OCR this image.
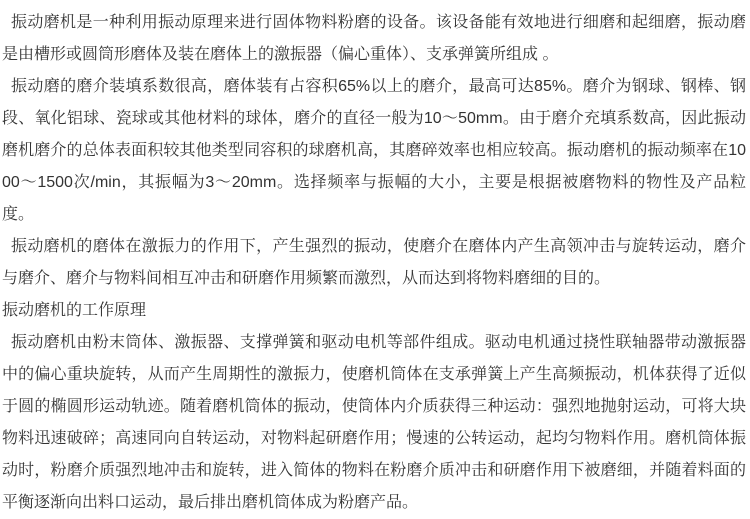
振动磨机是一种利用振动原理来进行固体物料粉磨的设备。该设备能有效地进行细磨和起细磨，振动磨是由槽形或圆筒形磨体及装在磨体上的激振器（偏心重体）、支承弹簧所组成 。

振动磨的磨介装填系数很高，磨体装有占容积65%以上的磨介，最高可达85%。磨介为钢球、钢棒、钢段、氧化铝球、瓷球或其他材料的球体，磨介的直径一般为10～50mm。由于磨介充填系数高，因此振动磨机磨介的总体表面积较其他类型同容积的球磨机高，其磨碎效率也相应较高。振动磨机的振动频率在1000～1500次/min，其振幅为3～20mm。选择频率与振幅的大小，主要是根据被磨物料的物性及产品粒度。

振动磨机的磨体在激振力的作用下，产生强烈的振动，使磨介在磨体内产生高领冲击与旋转运动，磨介与磨介、磨介与物料间相互冲击和研磨作用频繁而激烈，从而达到将物料磨细的目的。

振动磨机的工作原理

振动磨机由粉末筒体、激振器、支撑弹簧和驱动电机等部件组成。驱动电机通过挠性联轴器带动激振器中的偏心重块旋转，从而产生周期性的激振力，使磨机筒体在支承弹簧上产生高频振动，机体获得了近似于圆的椭圆形运动轨迹。随着磨机筒体的振动，使筒体内介质获得三种运动：强烈地抛射运动，可将大块物料迅速破碎；高速同向自转运动，对物料起研磨作用；慢速的公转运动，起均匀物料作用。磨机筒体振动时，粉磨介质强烈地冲击和旋转，进入简体的物料在粉磨介质冲击和研磨作用下被磨细，并随着料面的平衡逐渐向出料口运动，最后排出磨机筒体成为粉磨产品。
